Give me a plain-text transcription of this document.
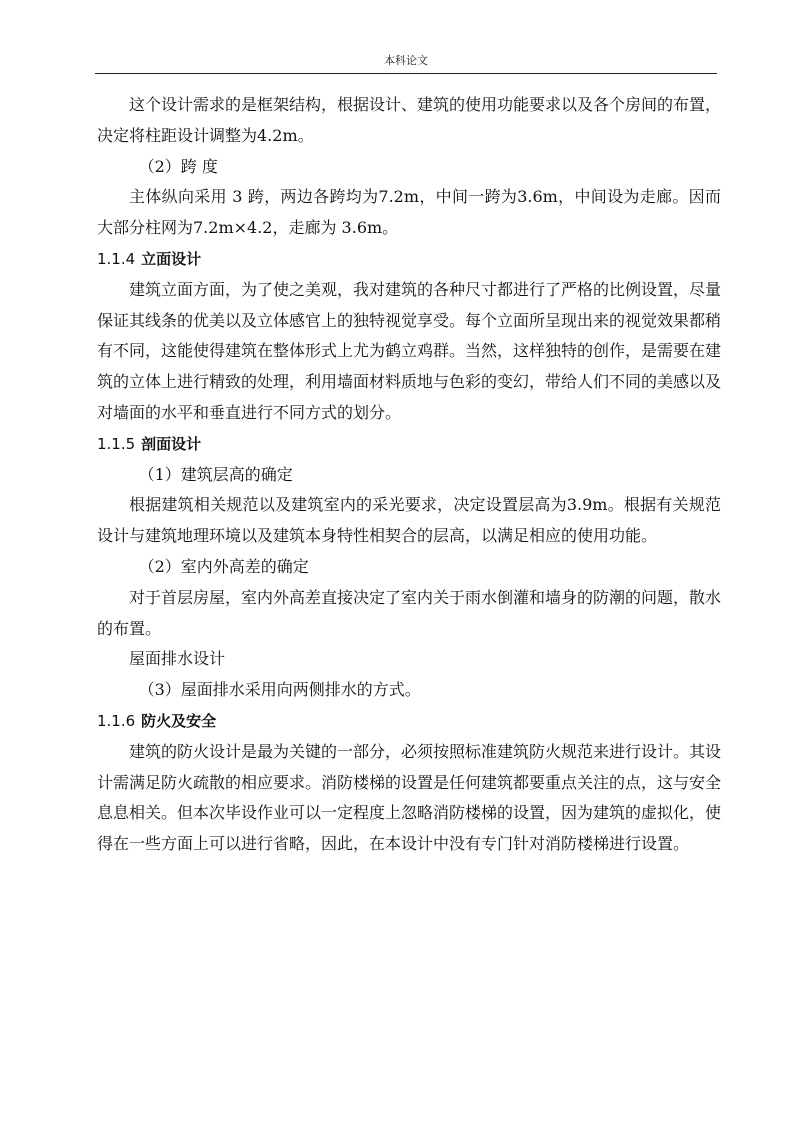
本科论文

这个设计需求的是框架结构，根据设计、建筑的使用功能要求以及各个房间的布置，决定将柱距设计调整为4.2m。

（2）跨 度

主体纵向采用 3 跨，两边各跨均为7.2m，中间一跨为3.6m，中间设为走廊。因而大部分柱网为7.2m×4.2，走廊为 3.6m。

1.1.4 立面设计

建筑立面方面，为了使之美观，我对建筑的各种尺寸都进行了严格的比例设置，尽量保证其线条的优美以及立体感官上的独特视觉享受。每个立面所呈现出来的视觉效果都稍有不同，这能使得建筑在整体形式上尤为鹤立鸡群。当然，这样独特的创作，是需要在建筑的立体上进行精致的处理，利用墙面材料质地与色彩的变幻，带给人们不同的美感以及对墙面的水平和垂直进行不同方式的划分。

1.1.5 剖面设计

（1）建筑层高的确定

根据建筑相关规范以及建筑室内的采光要求，决定设置层高为3.9m。根据有关规范设计与建筑地理环境以及建筑本身特性相契合的层高，以满足相应的使用功能。

（2）室内外高差的确定

对于首层房屋，室内外高差直接决定了室内关于雨水倒灌和墙身的防潮的问题，散水的布置。

屋面排水设计

（3）屋面排水采用向两侧排水的方式。

1.1.6 防火及安全

建筑的防火设计是最为关键的一部分，必须按照标准建筑防火规范来进行设计。其设计需满足防火疏散的相应要求。消防楼梯的设置是任何建筑都要重点关注的点，这与安全息息相关。但本次毕设作业可以一定程度上忽略消防楼梯的设置，因为建筑的虚拟化，使得在一些方面上可以进行省略，因此，在本设计中没有专门针对消防楼梯进行设置。
